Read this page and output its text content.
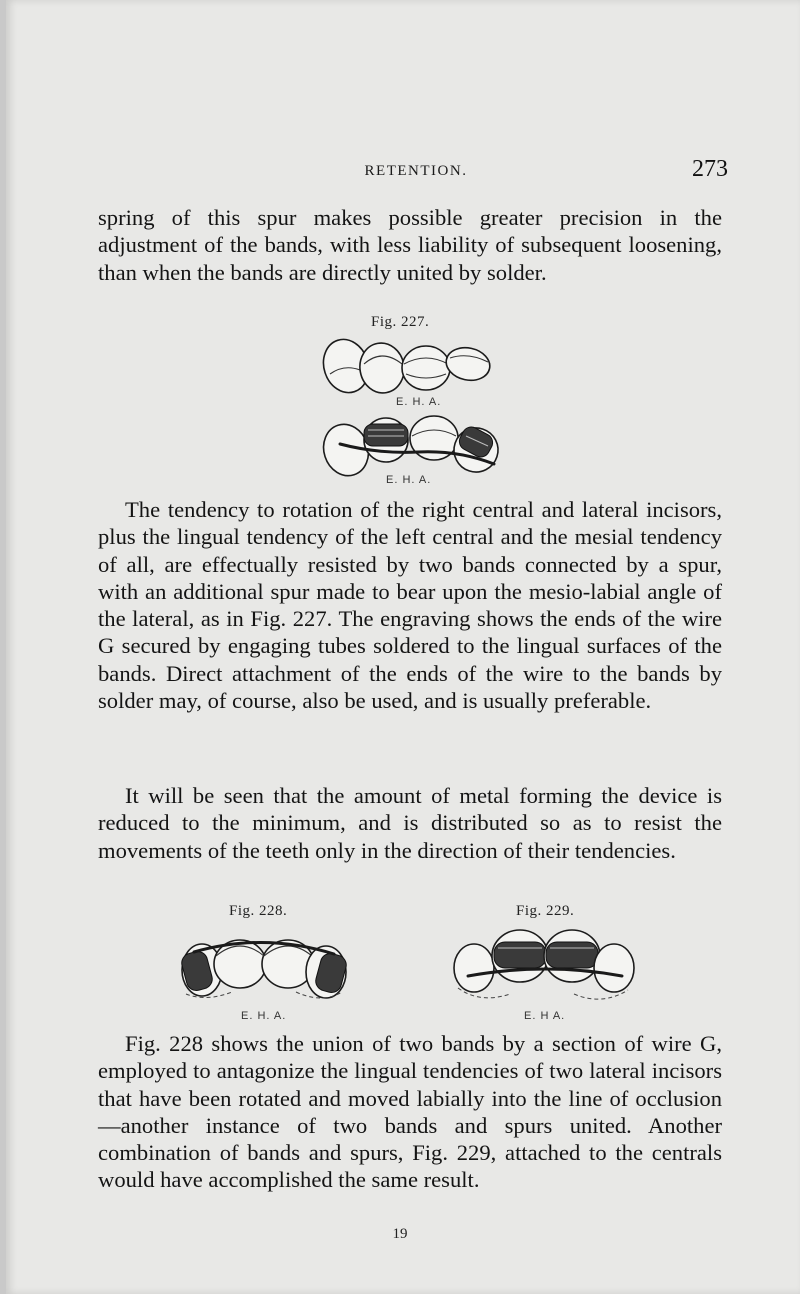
RETENTION.	273

spring of this spur makes possible greater precision in the adjustment of the bands, with less liability of subsequent loosening, than when the bands are directly united by solder.

Fig. 227.
E. H. A.
E. H. A.

The tendency to rotation of the right central and lateral incisors, plus the lingual tendency of the left central and the mesial tendency of all, are effectually resisted by two bands connected by a spur, with an additional spur made to bear upon the mesio-labial angle of the lateral, as in Fig. 227. The engraving shows the ends of the wire G secured by engaging tubes soldered to the lingual surfaces of the bands. Direct attachment of the ends of the wire to the bands by solder may, of course, also be used, and is usually preferable.

It will be seen that the amount of metal forming the device is reduced to the minimum, and is distributed so as to resist the movements of the teeth only in the direction of their tendencies.

Fig. 228.
E. H. A.
Fig. 229.
E. H A.

Fig. 228 shows the union of two bands by a section of wire G, employed to antagonize the lingual tendencies of two lateral incisors that have been rotated and moved labially into the line of occlusion—another instance of two bands and spurs united. Another combination of bands and spurs, Fig. 229, attached to the centrals would have accomplished the same result.

19
